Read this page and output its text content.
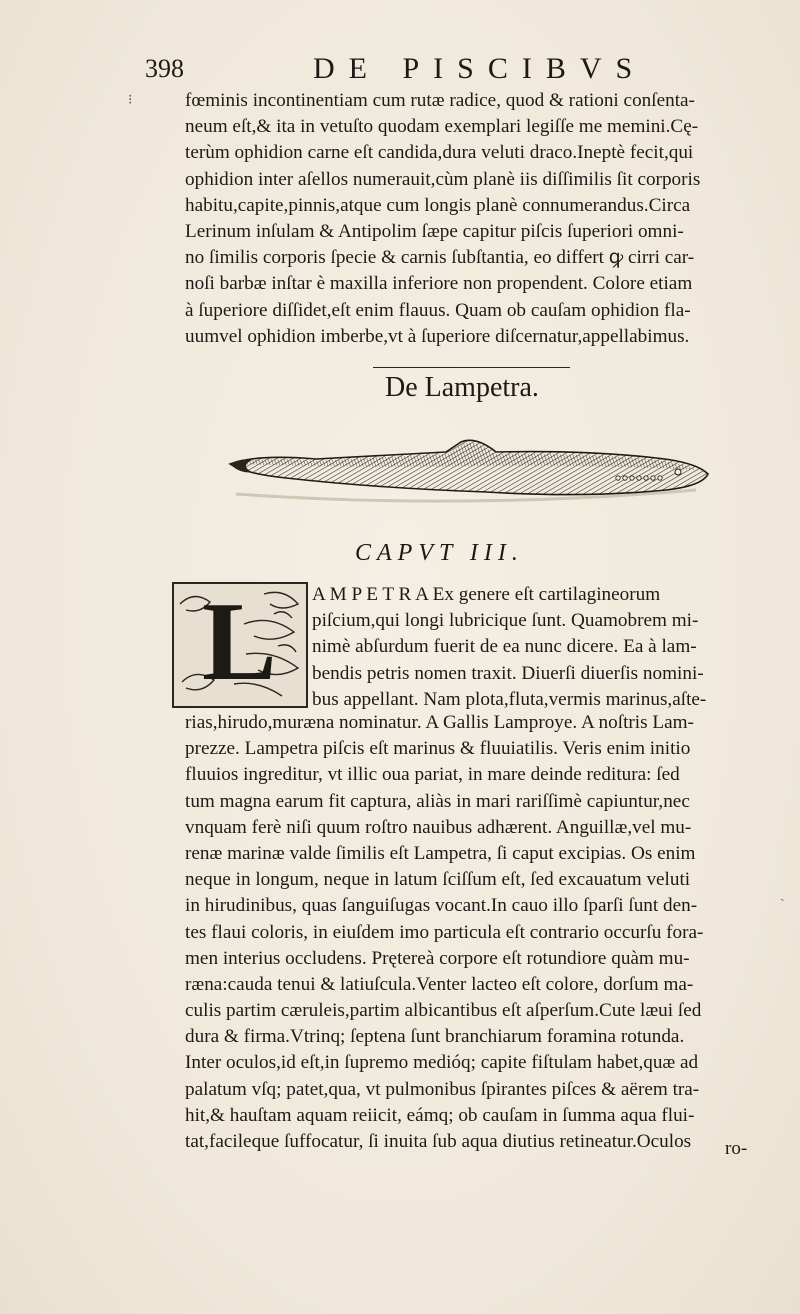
398	DE PISCIBVS
⁝
ˎ
fœminis incontinentiam cum rutæ radice, quod & rationi conſenta-
neum eſt,& ita in vetuſto quodam exemplari legiſſe me memini.Cę-
terùm ophidion carne eſt candida,dura veluti draco.Ineptè fecit,qui
ophidion inter aſellos numerauit,cùm planè iis diſſimilis ſit corporis
habitu,capite,pinnis,atque cum longis planè connumerandus.Circa
Lerinum inſulam & Antipolim ſæpe capitur piſcis ſuperiori omni-
no ſimilis corporis ſpecie & carnis ſubſtantia, eo differt ꝙ cirri car-
noſi barbæ inſtar è maxilla inferiore non propendent. Colore etiam
à ſuperiore diſſidet,eſt enim flauus. Quam ob cauſam ophidion fla-
uumvel ophidion imberbe,vt à ſuperiore diſcernatur,appellabimus.
De Lampetra.
CAPVT III.
L A M P E T R A Ex genere eſt cartilagineorum
piſcium,qui longi lubricique ſunt. Quamobrem mi-
nimè abſurdum fuerit de ea nunc dicere. Ea à lam-
bendis petris nomen traxit. Diuerſi diuerſis nomini-
bus appellant. Nam plota,fluta,vermis marinus,aſte-
rias,hirudo,muræna nominatur. A Gallis Lamproye. A noſtris Lam-
prezze. Lampetra piſcis eſt marinus & fluuiatilis. Veris enim initio
fluuios ingreditur, vt illic oua pariat, in mare deinde reditura: ſed
tum magna earum fit captura, aliàs in mari rariſſimè capiuntur,nec
vnquam ferè niſi quum roſtro nauibus adhærent. Anguillæ,vel mu-
renæ marinæ valde ſimilis eſt Lampetra, ſi caput excipias. Os enim
neque in longum, neque in latum ſciſſum eſt, ſed excauatum veluti
in hirudinibus, quas ſanguiſugas vocant.In cauo illo ſparſi ſunt den-
tes flaui coloris, in eiuſdem imo particula eſt contrario occurſu fora-
men interius occludens. Prętereà corpore eſt rotundiore quàm mu-
ræna:cauda tenui & latiuſcula.Venter lacteo eſt colore, dorſum ma-
culis partim cæruleis,partim albicantibus eſt aſperſum.Cute læui ſed
dura & firma.Vtrinq; ſeptena ſunt branchiarum foramina rotunda.
Inter oculos,id eſt,in ſupremo medióq; capite fiſtulam habet,quæ ad
palatum vſq; patet,qua, vt pulmonibus ſpirantes piſces & aërem tra-
hit,& hauſtam aquam reiicit, eámq; ob cauſam in ſumma aqua flui-
tat,facileque ſuffocatur, ſi inuita ſub aqua diutius retineatur.Oculos	ro-
